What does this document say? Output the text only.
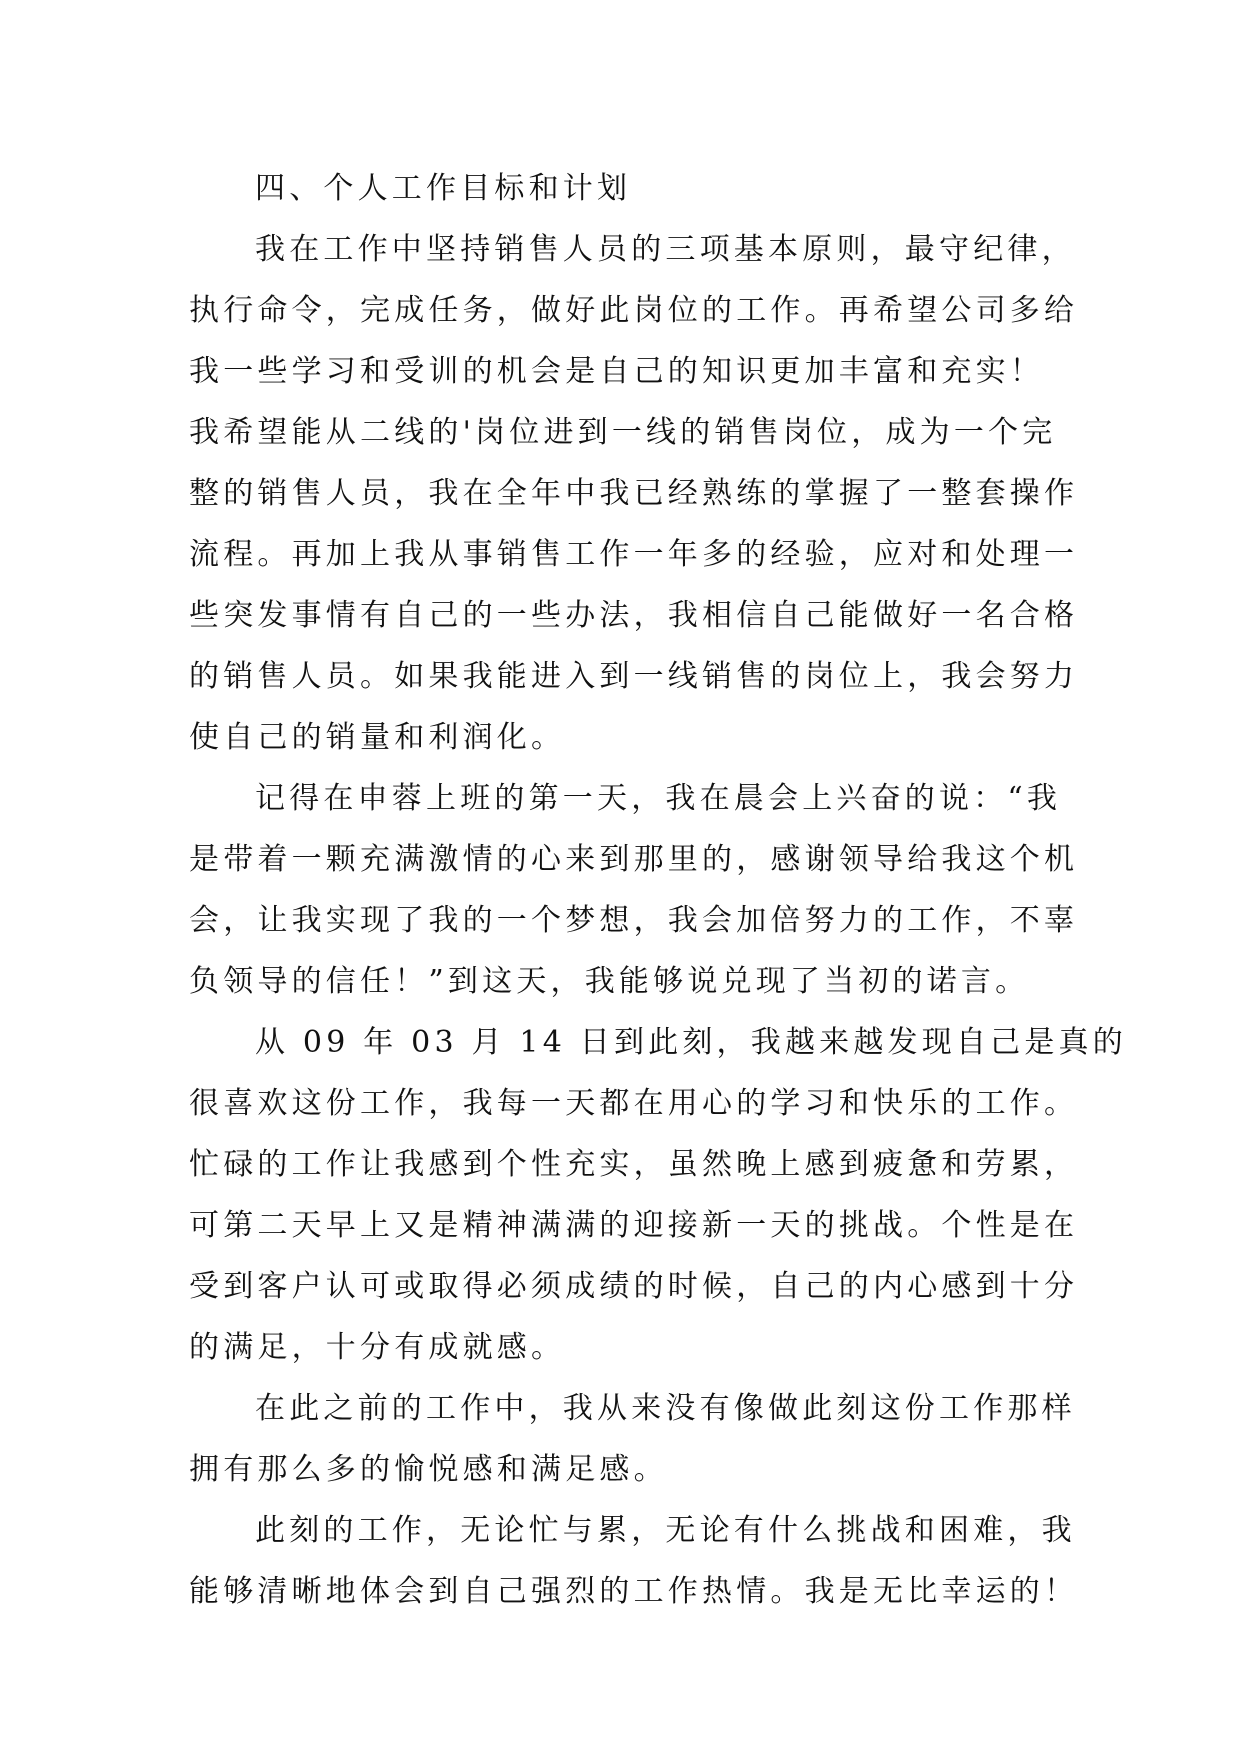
四、个人工作目标和计划
我在工作中坚持销售人员的三项基本原则，最守纪律，
执行命令，完成任务，做好此岗位的工作。再希望公司多给
我一些学习和受训的机会是自己的知识更加丰富和充实！
我希望能从二线的'岗位进到一线的销售岗位，成为一个完
整的销售人员，我在全年中我已经熟练的掌握了一整套操作
流程。再加上我从事销售工作一年多的经验，应对和处理一
些突发事情有自己的一些办法，我相信自己能做好一名合格
的销售人员。如果我能进入到一线销售的岗位上，我会努力
使自己的销量和利润化。
记得在申蓉上班的第一天，我在晨会上兴奋的说：“我
是带着一颗充满激情的心来到那里的，感谢领导给我这个机
会，让我实现了我的一个梦想，我会加倍努力的工作，不辜
负领导的信任！”到这天，我能够说兑现了当初的诺言。
从 09 年 03 月 14 日到此刻，我越来越发现自己是真的
很喜欢这份工作，我每一天都在用心的学习和快乐的工作。
忙碌的工作让我感到个性充实，虽然晚上感到疲惫和劳累，
可第二天早上又是精神满满的迎接新一天的挑战。个性是在
受到客户认可或取得必须成绩的时候，自己的内心感到十分
的满足，十分有成就感。
在此之前的工作中，我从来没有像做此刻这份工作那样
拥有那么多的愉悦感和满足感。
此刻的工作，无论忙与累，无论有什么挑战和困难，我
能够清晰地体会到自己强烈的工作热情。我是无比幸运的！
